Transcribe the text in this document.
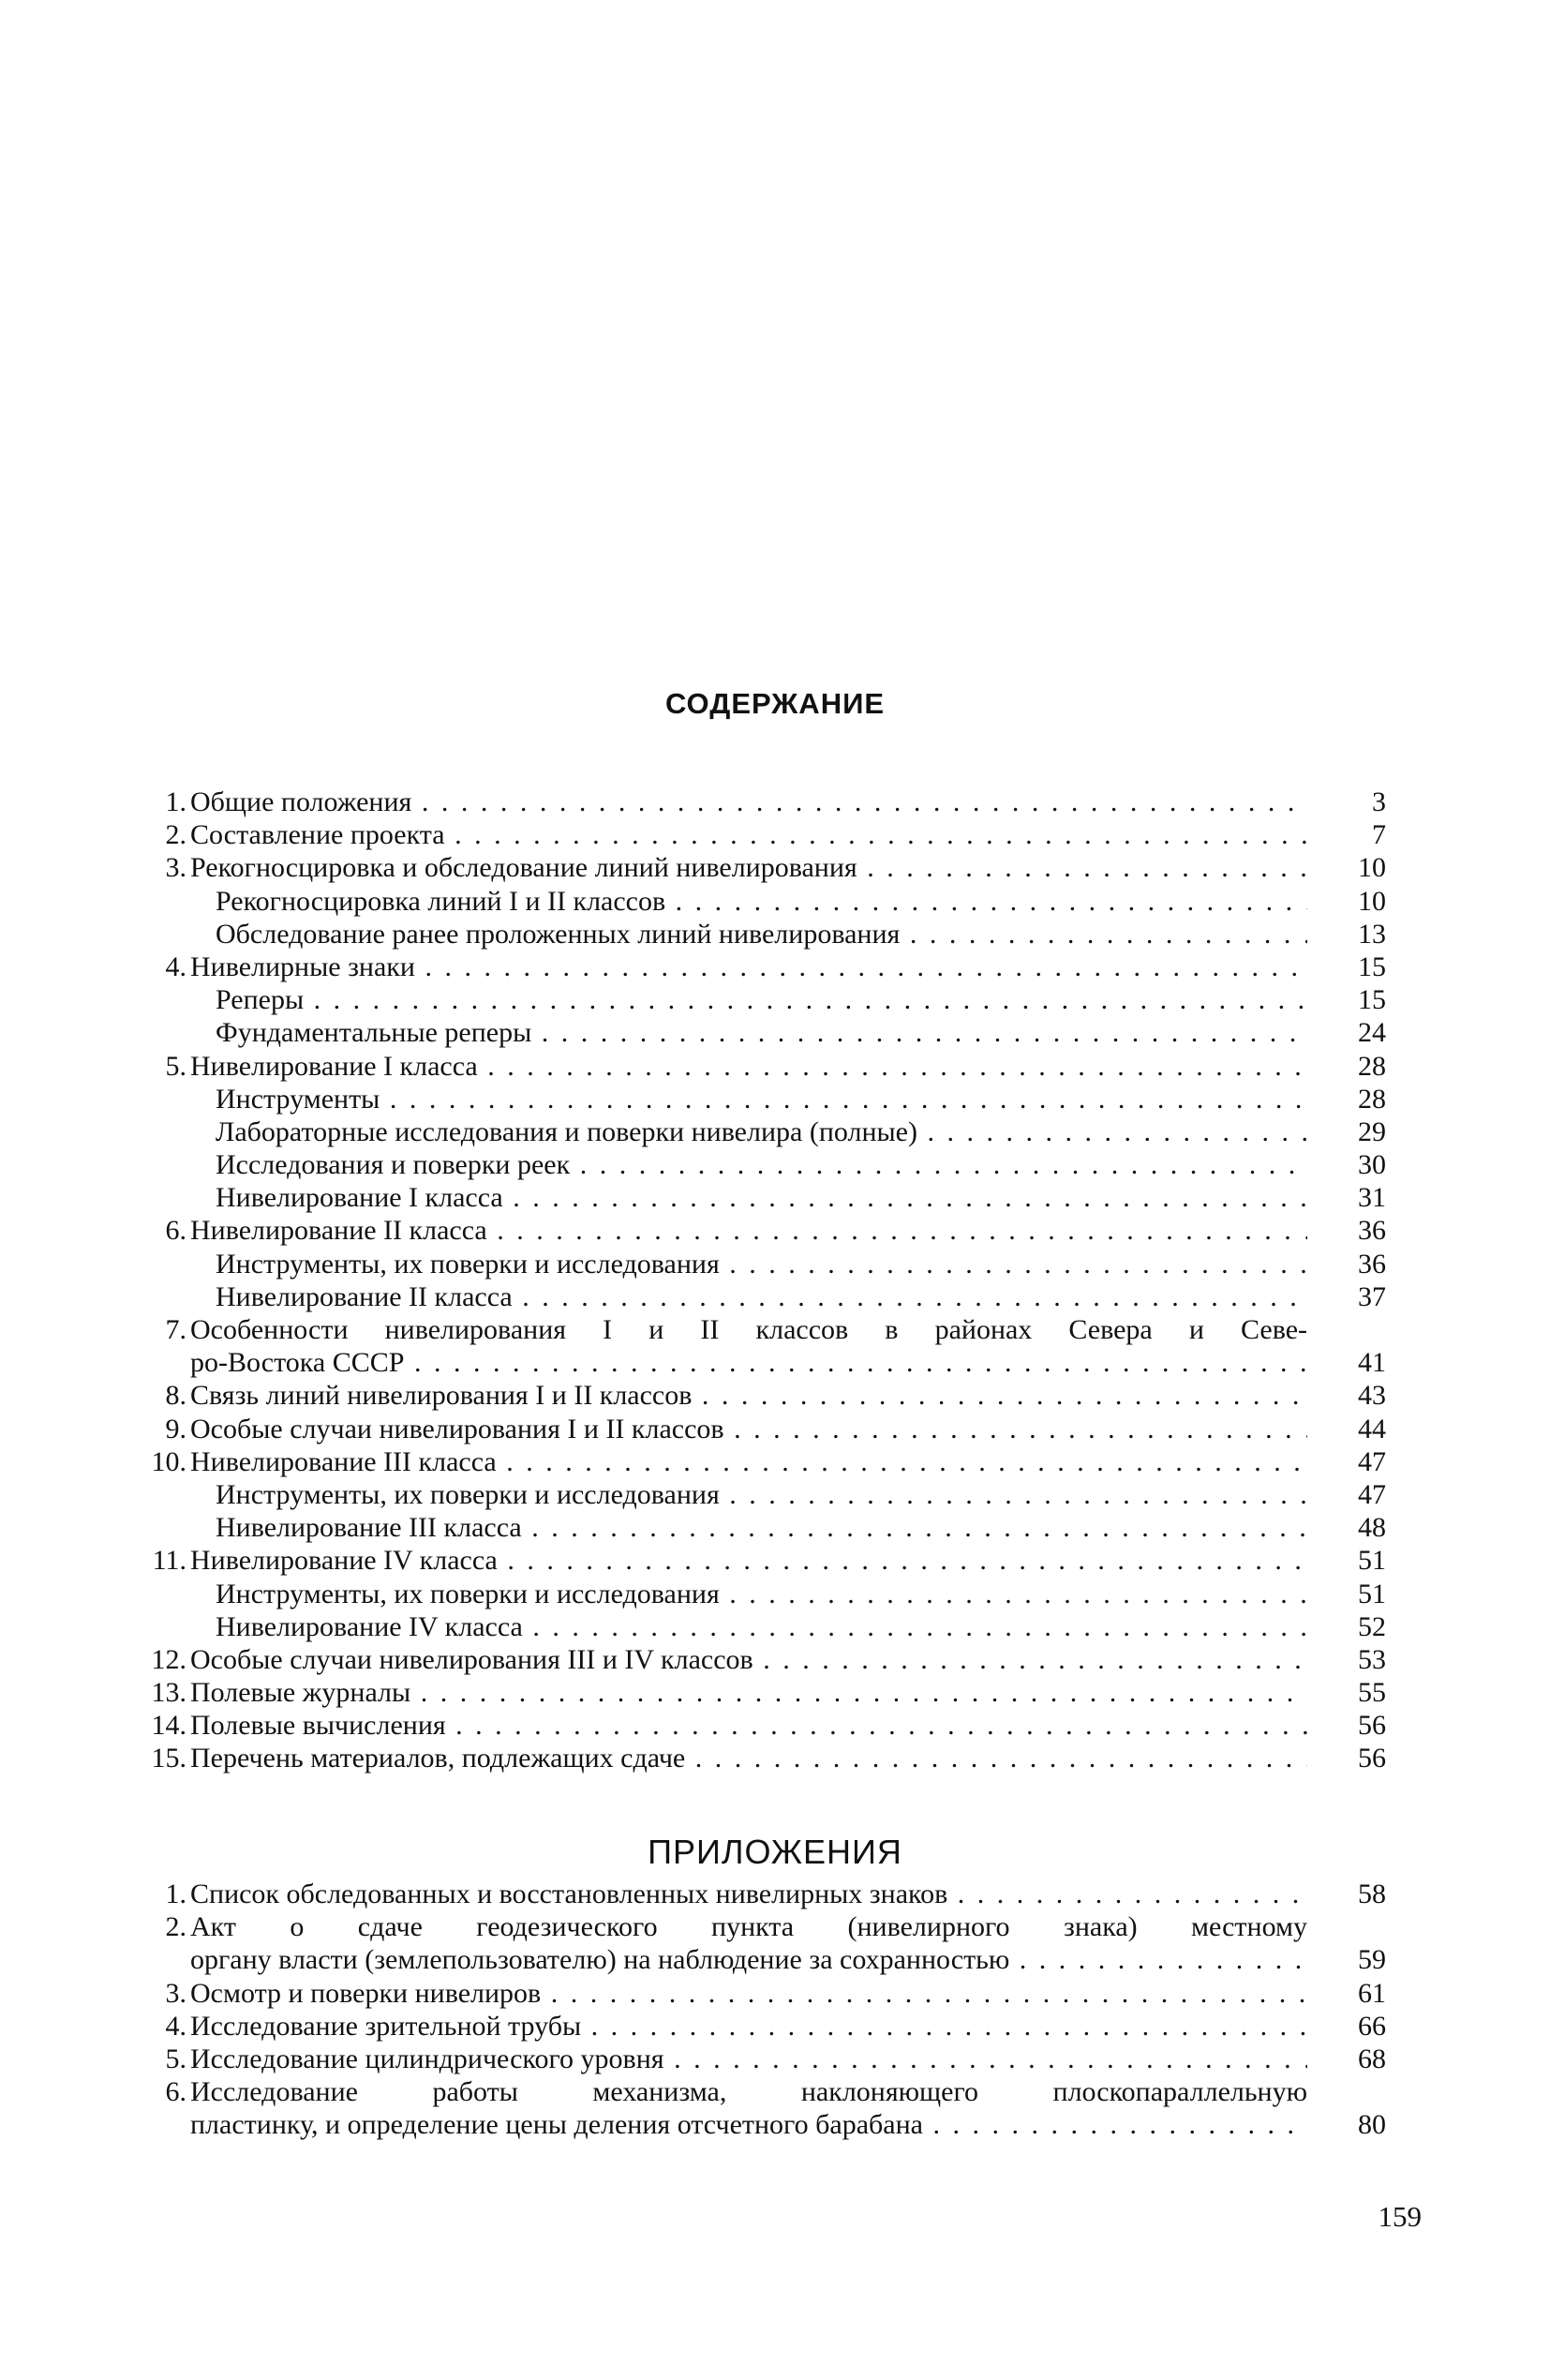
СОДЕРЖАНИЕ
1. Общие положения . . .	3
2. Составление проекта . . .	7
3. Рекогносцировка и обследование линий нивелирования . . .	10
Рекогносцировка линий I и II классов . . .	10
Обследование ранее проложенных линий нивелирования . . .	13
4. Нивелирные знаки . . .	15
Реперы . . .	15
Фундаментальные реперы . . .	24
5. Нивелирование I класса . . .	28
Инструменты . . .	28
Лабораторные исследования и поверки нивелира (полные) . . .	29
Исследования и поверки реек . . .	30
Нивелирование I класса . . .	31
6. Нивелирование II класса . . .	36
Инструменты, их поверки и исследования . . .	36
Нивелирование II класса . . .	37
7. Особенности нивелирования I и II классов в районах Севера и Севе-
ро-Востока СССР . . .	41
8. Связь линий нивелирования I и II классов . . .	43
9. Особые случаи нивелирования I и II классов . . .	44
10. Нивелирование III класса . . .	47
Инструменты, их поверки и исследования . . .	47
Нивелирование III класса . . .	48
11. Нивелирование IV класса . . .	51
Инструменты, их поверки и исследования . . .	51
Нивелирование IV класса . . .	52
12. Особые случаи нивелирования III и IV классов . . .	53
13. Полевые журналы . . .	55
14. Полевые вычисления . . .	56
15. Перечень материалов, подлежащих сдаче . . .	56
ПРИЛОЖЕНИЯ
1. Список обследованных и восстановленных нивелирных знаков . . .	58
2. Акт о сдаче геодезического пункта (нивелирного знака) местному
органу власти (землепользователю) на наблюдение за сохранностью . . .	59
3. Осмотр и поверки нивелиров . . .	61
4. Исследование зрительной трубы . . .	66
5. Исследование цилиндрического уровня . . .	68
6. Исследование работы механизма, наклоняющего плоскопараллельную
пластинку, и определение цены деления отсчетного барабана . . .	80
159
